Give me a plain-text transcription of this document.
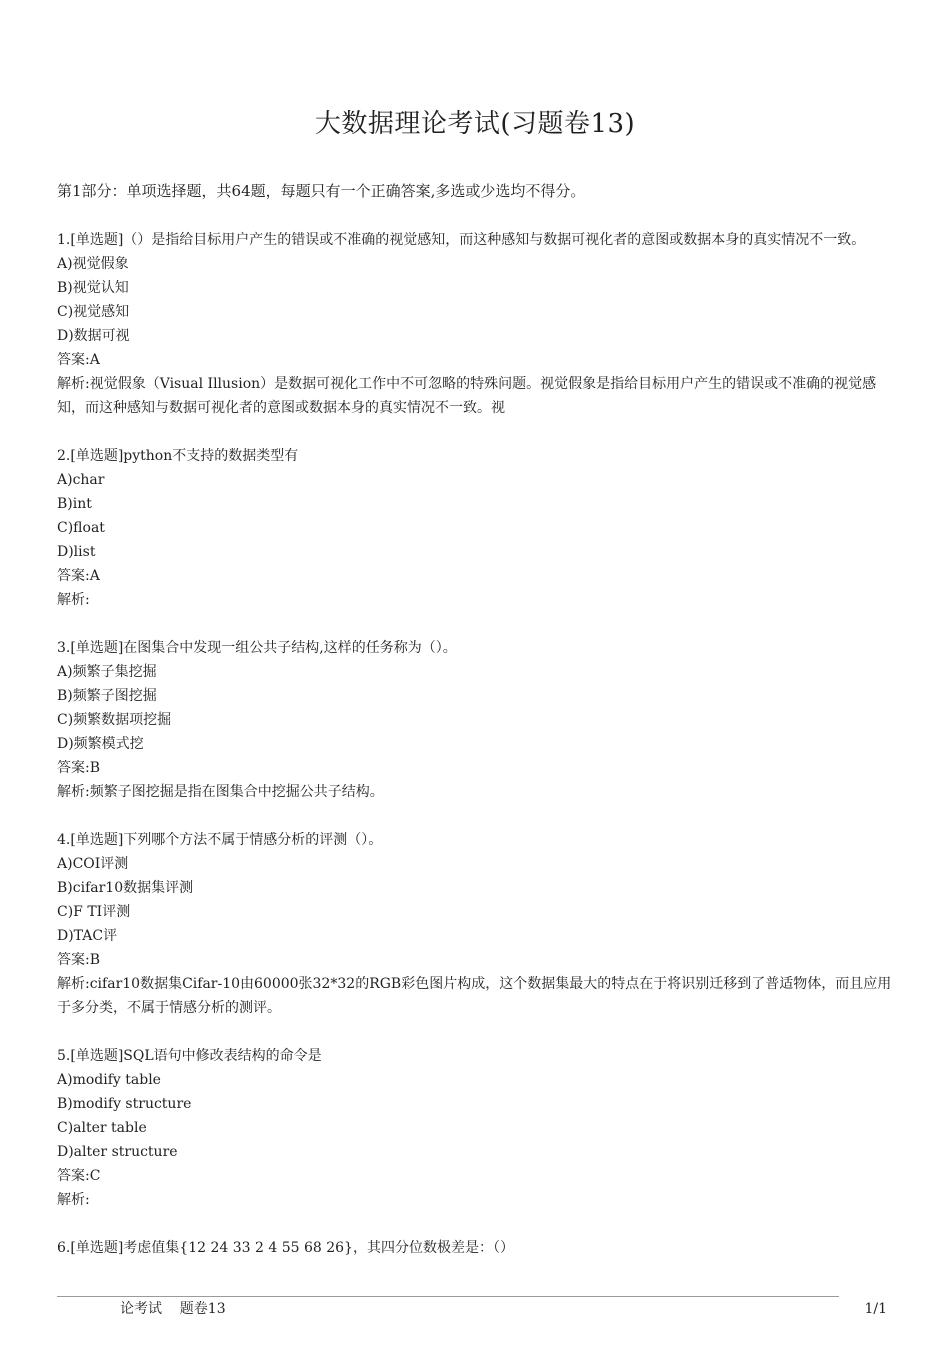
大数据理论考试(习题卷13)
第1部分：单项选择题，共64题，每题只有一个正确答案,多选或少选均不得分。
1.[单选题]（）是指给目标用户产生的错误或不准确的视觉感知，而这种感知与数据可视化者的意图或数据本身的真实情况不一致。
A)视觉假象
B)视觉认知
C)视觉感知
D)数据可视
答案:A
解析:视觉假象（Visual Illusion）是数据可视化工作中不可忽略的特殊问题。视觉假象是指给目标用户产生的错误或不准确的视觉感知，而这种感知与数据可视化者的意图或数据本身的真实情况不一致。视
2.[单选题]python不支持的数据类型有
A)char
B)int
C)float
D)list
答案:A
解析:
3.[单选题]在图集合中发现一组公共子结构,这样的任务称为（）。
A)频繁子集挖掘
B)频繁子图挖掘
C)频繁数据项挖掘
D)频繁模式挖
答案:B
解析:频繁子图挖掘是指在图集合中挖掘公共子结构。
4.[单选题]下列哪个方法不属于情感分析的评测（）。
A)COI评测
B)cifar10数据集评测
C)F TI评测
D)TAC评
答案:B
解析:cifar10数据集Cifar-10由60000张32*32的RGB彩色图片构成，这个数据集最大的特点在于将识别迁移到了普适物体，而且应用于多分类，不属于情感分析的测评。
5.[单选题]SQL语句中修改表结构的命令是
A)modify table
B)modify structure
C)alter table
D)alter structure
答案:C
解析:
6.[单选题]考虑值集{12 24 33 2 4 55 68 26}，其四分位数极差是：（）
论考试    题卷13	1/1
